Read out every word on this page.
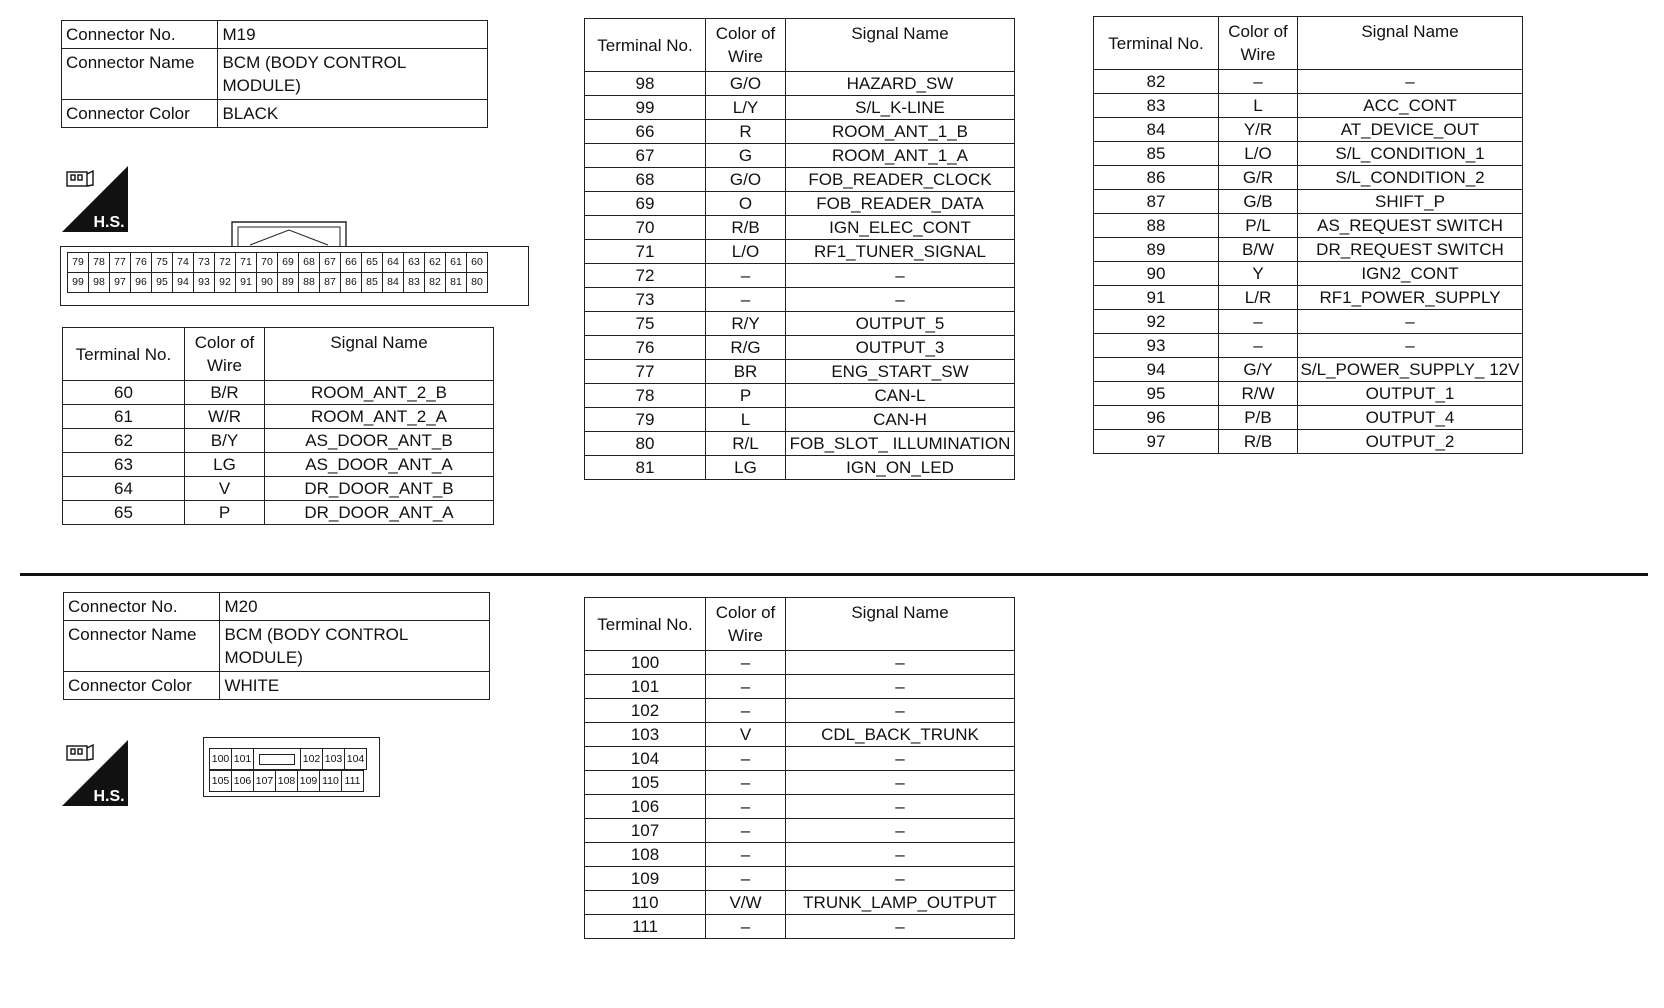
Connector No.	M19
Connector Name	BCM (BODY CONTROL MODULE)
Connector Color	BLACK
H.S.
79	78	77	76	75	74	73	72	71	70	69	68	67	66	65	64	63	62	61	60
99	98	97	96	95	94	93	92	91	90	89	88	87	86	85	84	83	82	81	80
Terminal No.	Color of Wire	Signal Name
60	B/R	ROOM_ANT_2_B
61	W/R	ROOM_ANT_2_A
62	B/Y	AS_DOOR_ANT_B
63	LG	AS_DOOR_ANT_A
64	V	DR_DOOR_ANT_B
65	P	DR_DOOR_ANT_A
Terminal No.	Color of Wire	Signal Name
98	G/O	HAZARD_SW
99	L/Y	S/L_K-LINE
66	R	ROOM_ANT_1_B
67	G	ROOM_ANT_1_A
68	G/O	FOB_READER_CLOCK
69	O	FOB_READER_DATA
70	R/B	IGN_ELEC_CONT
71	L/O	RF1_TUNER_SIGNAL
72	–	–
73	–	–
75	R/Y	OUTPUT_5
76	R/G	OUTPUT_3
77	BR	ENG_START_SW
78	P	CAN-L
79	L	CAN-H
80	R/L	FOB_SLOT_ ILLUMINATION
81	LG	IGN_ON_LED
Terminal No.	Color of Wire	Signal Name
82	–	–
83	L	ACC_CONT
84	Y/R	AT_DEVICE_OUT
85	L/O	S/L_CONDITION_1
86	G/R	S/L_CONDITION_2
87	G/B	SHIFT_P
88	P/L	AS_REQUEST SWITCH
89	B/W	DR_REQUEST SWITCH
90	Y	IGN2_CONT
91	L/R	RF1_POWER_SUPPLY
92	–	–
93	–	–
94	G/Y	S/L_POWER_SUPPLY_ 12V
95	R/W	OUTPUT_1
96	P/B	OUTPUT_4
97	R/B	OUTPUT_2
Connector No.	M20
Connector Name	BCM (BODY CONTROL MODULE)
Connector Color	WHITE
H.S.
100 101	102 103 104
105 106 107 108 109 110 111
Terminal No.	Color of Wire	Signal Name
100	–	–
101	–	–
102	–	–
103	V	CDL_BACK_TRUNK
104	–	–
105	–	–
106	–	–
107	–	–
108	–	–
109	–	–
110	V/W	TRUNK_LAMP_OUTPUT
111	–	–
